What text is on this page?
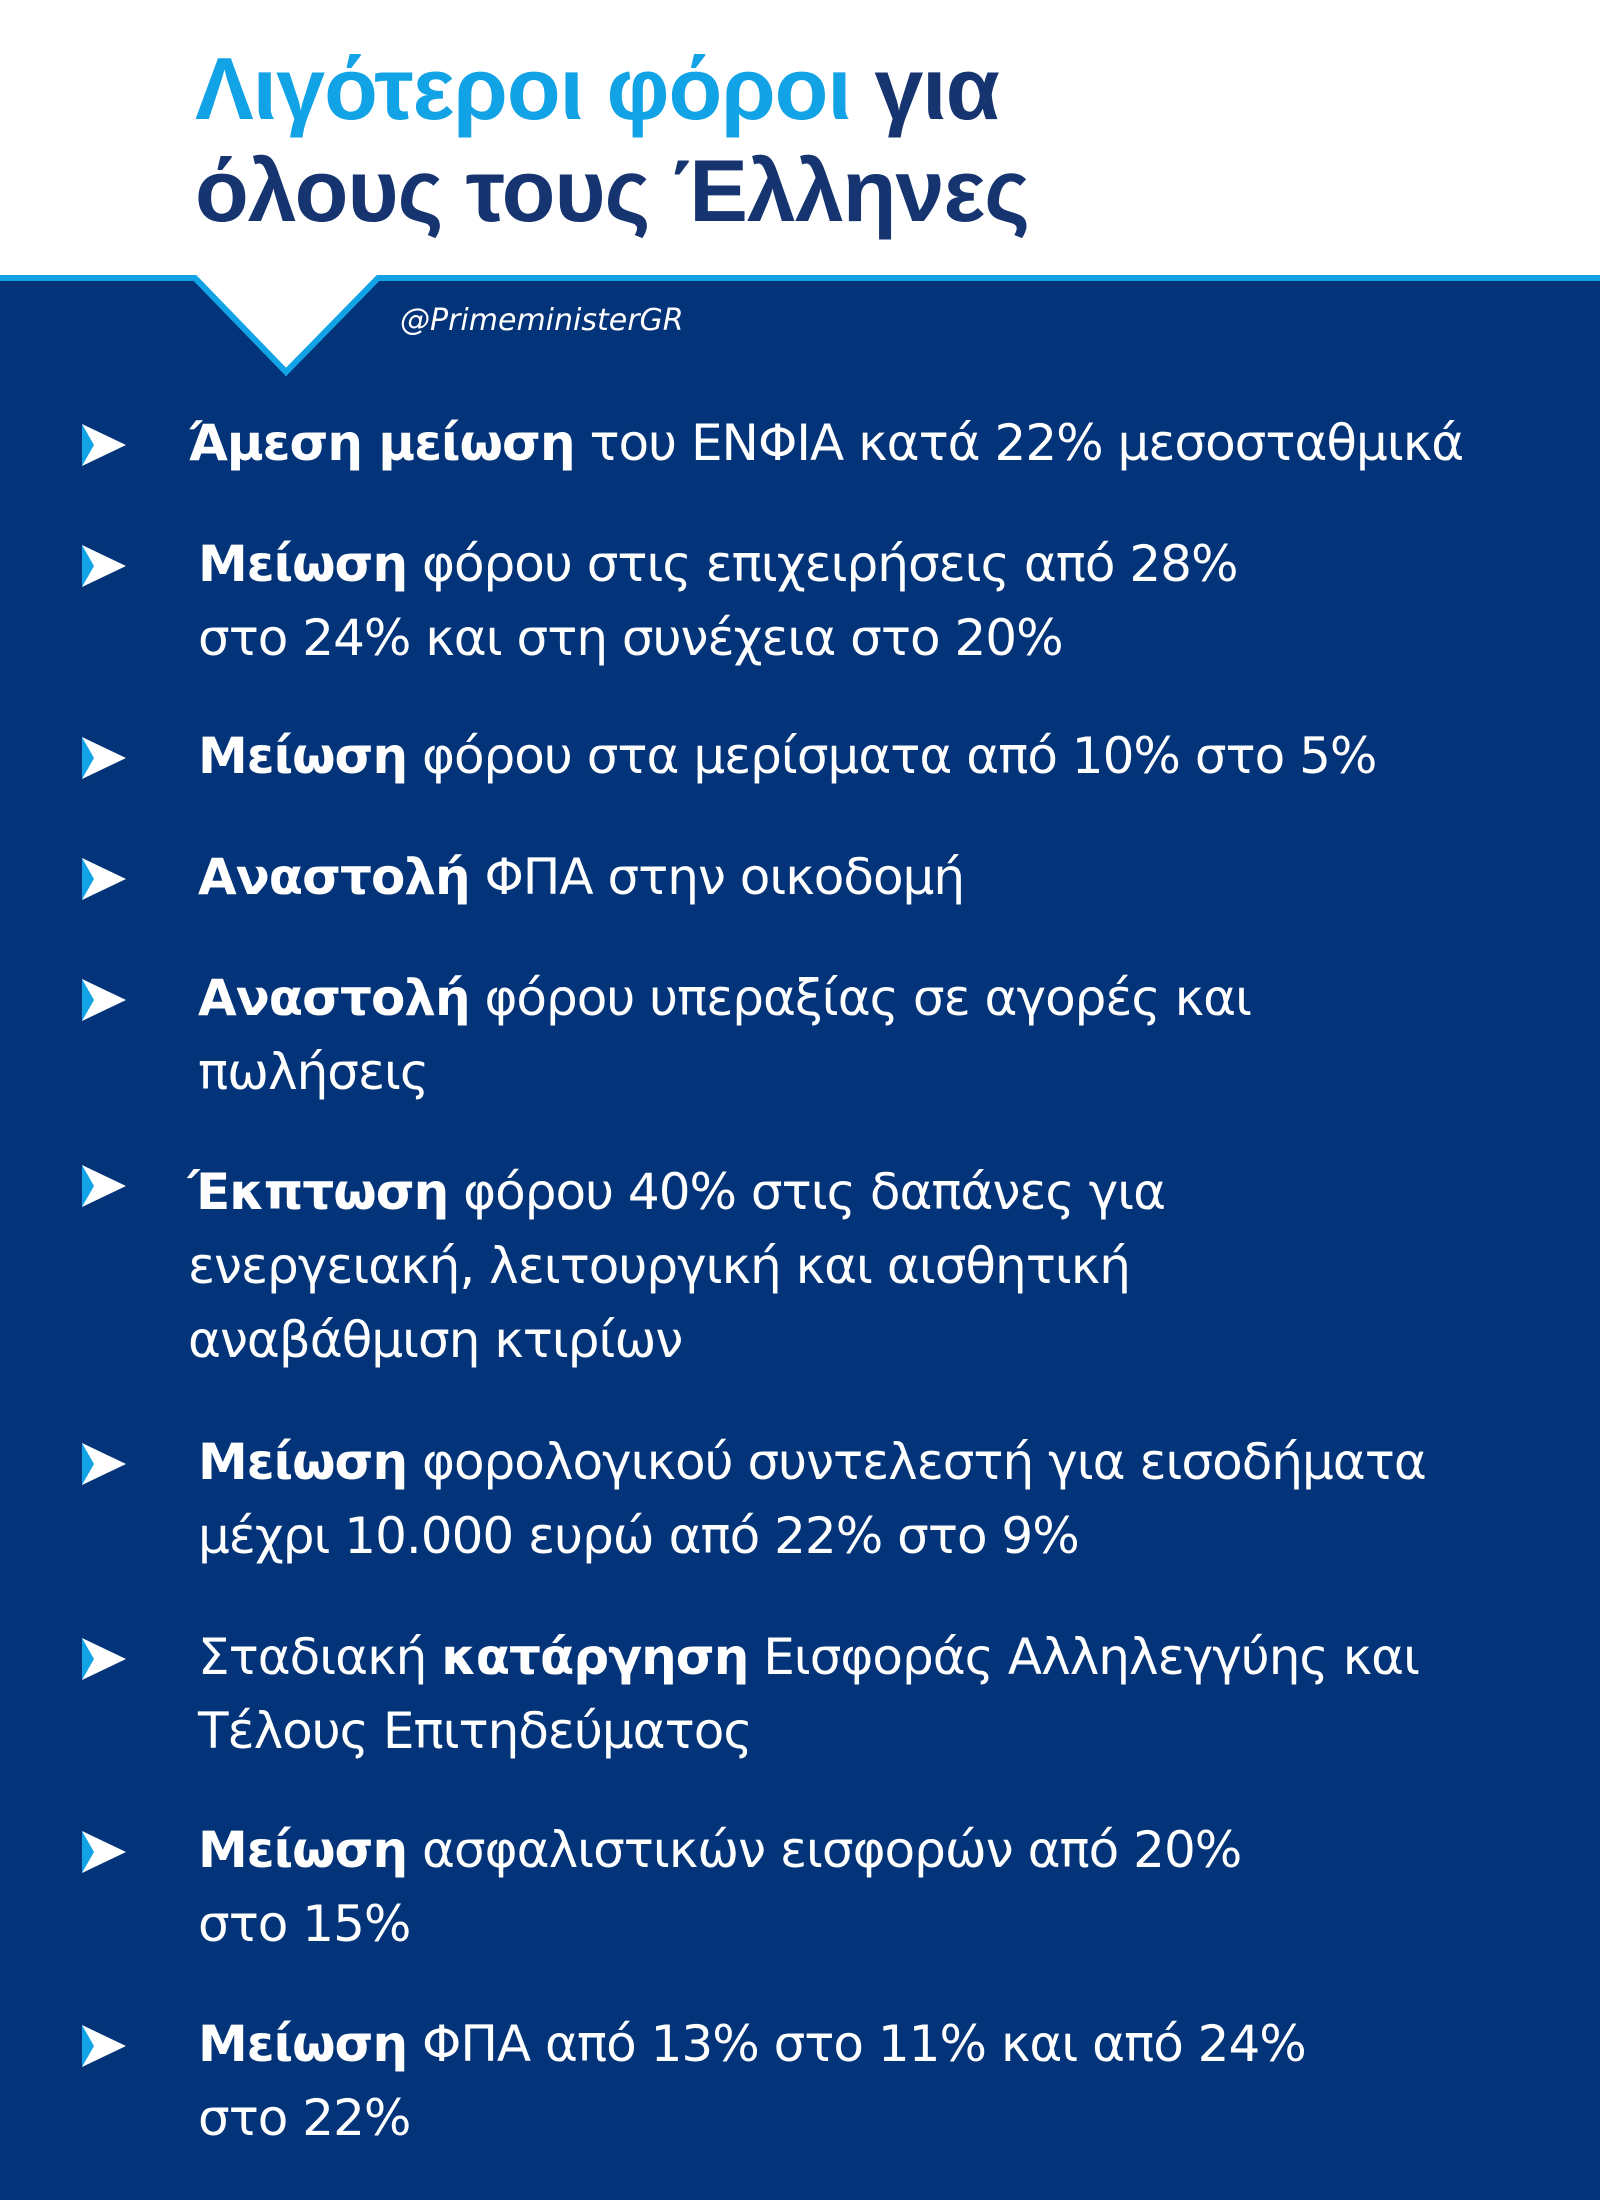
Λιγότεροι φόροι για
όλους τους Έλληνες
@PrimeministerGR
Άμεση μείωση του ΕΝΦΙΑ κατά 22% μεσοσταθμικά
Μείωση φόρου στις επιχειρήσεις από 28%
στο 24% και στη συνέχεια στο 20%
Μείωση φόρου στα μερίσματα από 10% στο 5%
Αναστολή ΦΠΑ στην οικοδομή
Αναστολή φόρου υπεραξίας σε αγορές και
πωλήσεις
Έκπτωση φόρου 40% στις δαπάνες για
ενεργειακή, λειτουργική και αισθητική
αναβάθμιση κτιρίων
Μείωση φορολογικού συντελεστή για εισοδήματα
μέχρι 10.000 ευρώ από 22% στο 9%
Σταδιακή κατάργηση Εισφοράς Αλληλεγγύης και
Τέλους Επιτηδεύματος
Μείωση ασφαλιστικών εισφορών από 20%
στο 15%
Μείωση ΦΠΑ από 13% στο 11% και από 24%
στο 22%
